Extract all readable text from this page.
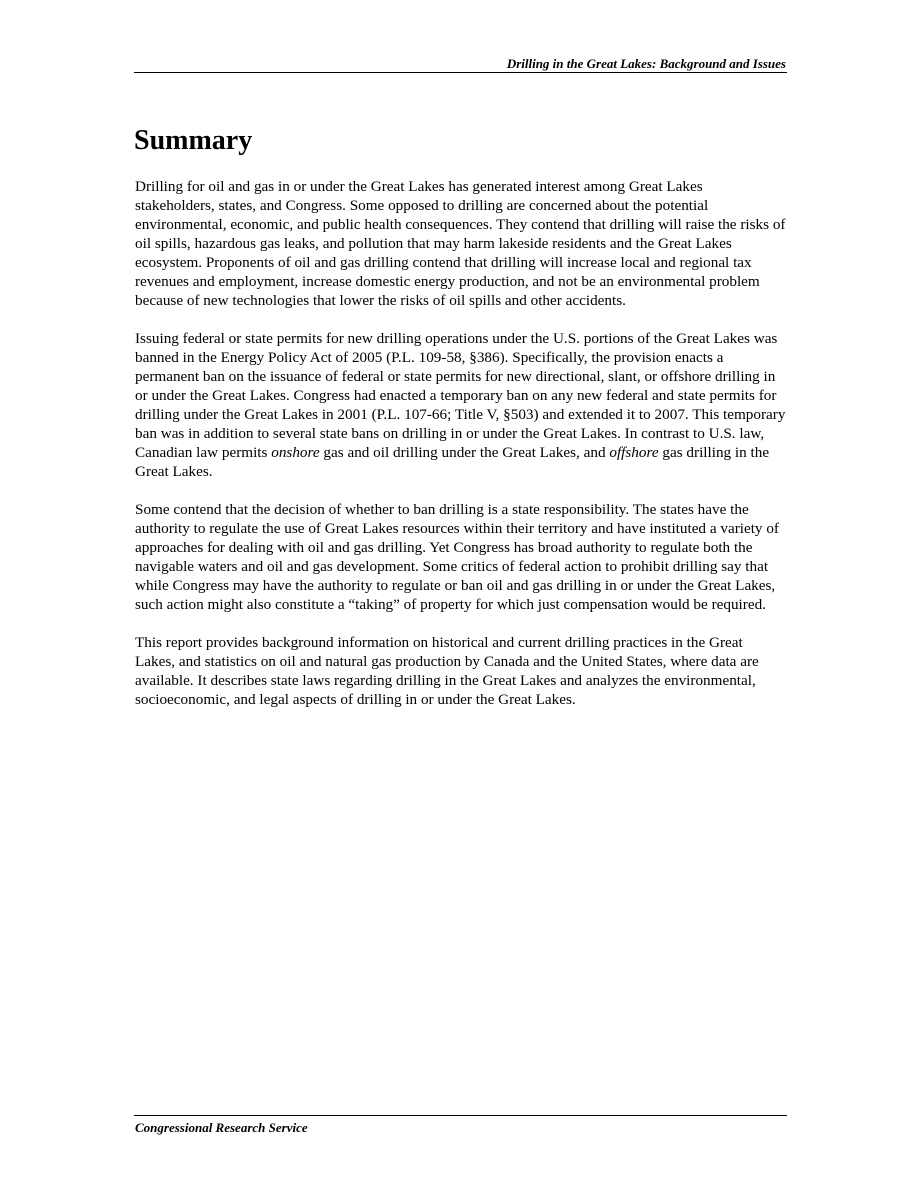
Drilling in the Great Lakes: Background and Issues
Summary

Drilling for oil and gas in or under the Great Lakes has generated interest among Great Lakes stakeholders, states, and Congress. Some opposed to drilling are concerned about the potential environmental, economic, and public health consequences. They contend that drilling will raise the risks of oil spills, hazardous gas leaks, and pollution that may harm lakeside residents and the Great Lakes ecosystem. Proponents of oil and gas drilling contend that drilling will increase local and regional tax revenues and employment, increase domestic energy production, and not be an environmental problem because of new technologies that lower the risks of oil spills and other accidents.

Issuing federal or state permits for new drilling operations under the U.S. portions of the Great Lakes was banned in the Energy Policy Act of 2005 (P.L. 109-58, §386). Specifically, the provision enacts a permanent ban on the issuance of federal or state permits for new directional, slant, or offshore drilling in or under the Great Lakes. Congress had enacted a temporary ban on any new federal and state permits for drilling under the Great Lakes in 2001 (P.L. 107-66; Title V, §503) and extended it to 2007. This temporary ban was in addition to several state bans on drilling in or under the Great Lakes. In contrast to U.S. law, Canadian law permits onshore gas and oil drilling under the Great Lakes, and offshore gas drilling in the Great Lakes.

Some contend that the decision of whether to ban drilling is a state responsibility. The states have the authority to regulate the use of Great Lakes resources within their territory and have instituted a variety of approaches for dealing with oil and gas drilling. Yet Congress has broad authority to regulate both the navigable waters and oil and gas development. Some critics of federal action to prohibit drilling say that while Congress may have the authority to regulate or ban oil and gas drilling in or under the Great Lakes, such action might also constitute a “taking” of property for which just compensation would be required.

This report provides background information on historical and current drilling practices in the Great Lakes, and statistics on oil and natural gas production by Canada and the United States, where data are available. It describes state laws regarding drilling in the Great Lakes and analyzes the environmental, socioeconomic, and legal aspects of drilling in or under the Great Lakes.

Congressional Research Service
